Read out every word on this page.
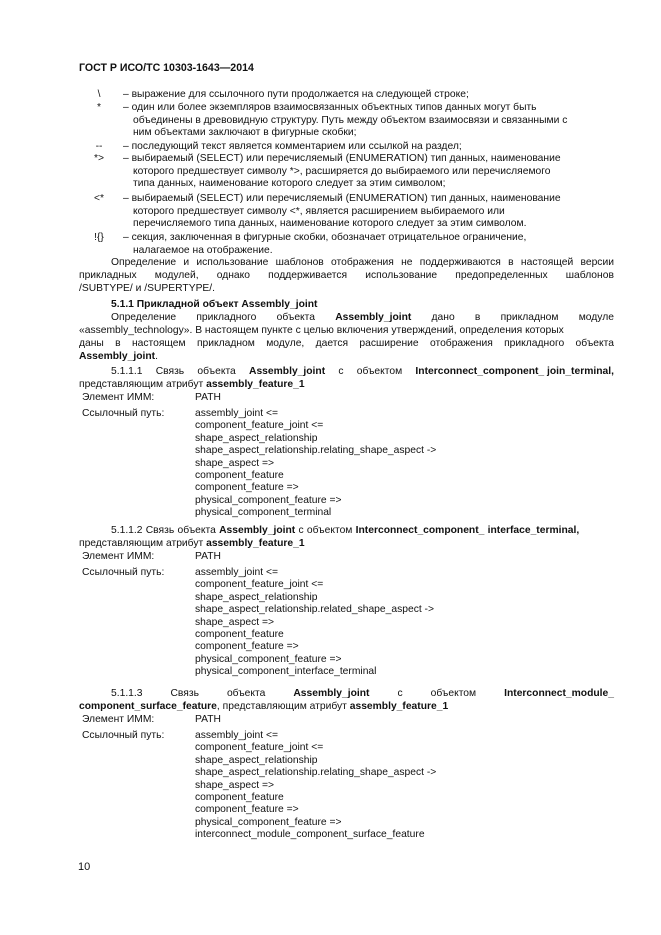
ГОСТ Р ИСО/ТС 10303-1643—2014
\	– выражение для ссылочного пути продолжается на следующей строке;
*	– один или более экземпляров взаимосвязанных объектных типов данных могут быть
объединены в древовидную структуру. Путь между объектом взаимосвязи и связанными с
ним объектами заключают в фигурные скобки;
--	– последующий текст является комментарием или ссылкой на раздел;
*>	– выбираемый (SELECT) или перечисляемый (ENUMERATION) тип данных, наименование
которого предшествует символу *>, расширяется до выбираемого или перечисляемого
типа данных, наименование которого следует за этим символом;
<*	– выбираемый (SELECT) или перечисляемый (ENUMERATION) тип данных, наименование
которого предшествует символу <*, является расширением выбираемого или
перечисляемого типа данных, наименование которого следует за этим символом.
!{}	– секция, заключенная в фигурные скобки, обозначает отрицательное ограничение,
налагаемое на отображение.
Определение и использование шаблонов отображения не поддерживаются в настоящей версии
прикладных модулей, однако поддерживается использование предопределенных шаблонов
/SUBTYPE/ и /SUPERTYPE/.
5.1.1 Прикладной объект Assembly_joint
Определение прикладного объекта Assembly_joint дано в прикладном модуле
«assembly_technology». В настоящем пункте с целью включения утверждений, определения которых
даны в настоящем прикладном модуле, дается расширение отображения прикладного объекта
Assembly_joint.
5.1.1.1 Связь объекта Assembly_joint с объектом Interconnect_component_ join_terminal,
представляющим атрибут assembly_feature_1
Элемент ИММ:	PATH
Ссылочный путь:	assembly_joint <=
component_feature_joint <=
shape_aspect_relationship
shape_aspect_relationship.relating_shape_aspect ->
shape_aspect =>
component_feature
component_feature =>
physical_component_feature =>
physical_component_terminal
5.1.1.2 Связь объекта Assembly_joint с объектом Interconnect_component_ interface_terminal,
представляющим атрибут assembly_feature_1
Элемент ИММ:	PATH
Ссылочный путь:	assembly_joint <=
component_feature_joint <=
shape_aspect_relationship
shape_aspect_relationship.related_shape_aspect ->
shape_aspect =>
component_feature
component_feature =>
physical_component_feature =>
physical_component_interface_terminal
5.1.1.3	Связь	объекта	Assembly_joint	с	объектом	Interconnect_module_
component_surface_feature, представляющим атрибут assembly_feature_1
Элемент ИММ:	PATH
Ссылочный путь:	assembly_joint <=
component_feature_joint <=
shape_aspect_relationship
shape_aspect_relationship.relating_shape_aspect ->
shape_aspect =>
component_feature
component_feature =>
physical_component_feature =>
interconnect_module_component_surface_feature
10
